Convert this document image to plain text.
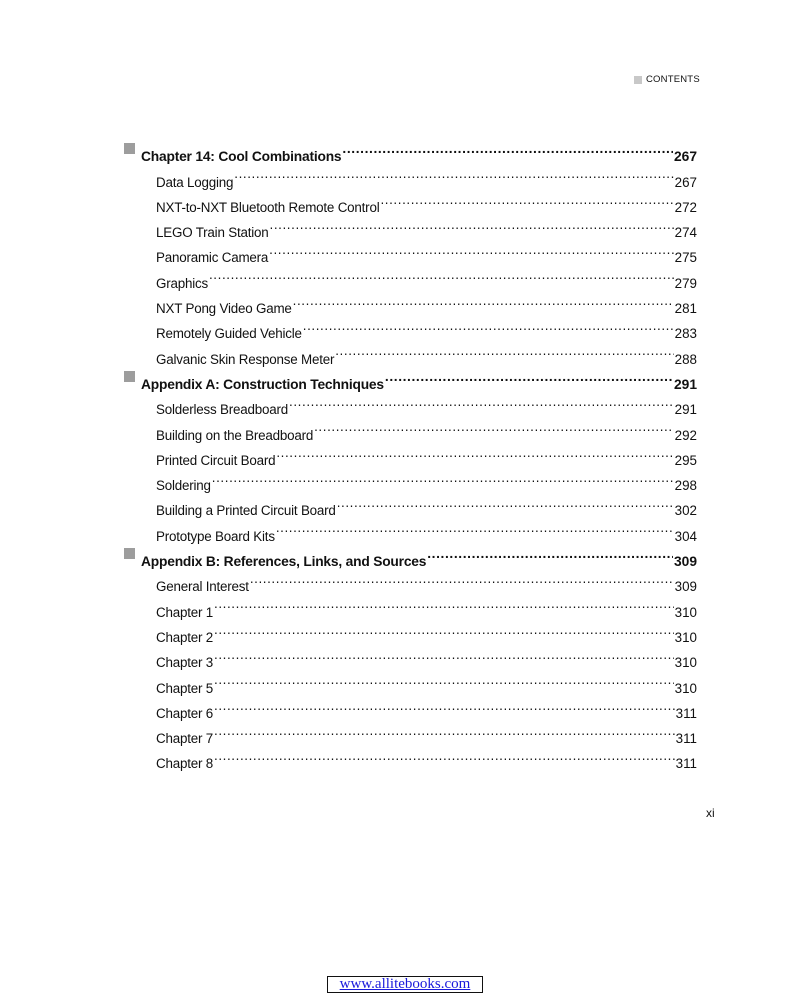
CONTENTS
Chapter 14: Cool Combinations .....	267
Data Logging .....	267
NXT-to-NXT Bluetooth Remote Control .....	272
LEGO Train Station .....	274
Panoramic Camera .....	275
Graphics .....	279
NXT Pong Video Game .....	281
Remotely Guided Vehicle .....	283
Galvanic Skin Response Meter .....	288
Appendix A: Construction Techniques .....	291
Solderless Breadboard .....	291
Building on the Breadboard .....	292
Printed Circuit Board .....	295
Soldering .....	298
Building a Printed Circuit Board .....	302
Prototype Board Kits .....	304
Appendix B: References, Links, and Sources .....	309
General Interest .....	309
Chapter 1 .....	310
Chapter 2 .....	310
Chapter 3 .....	310
Chapter 5 .....	310
Chapter 6 .....	311
Chapter 7 .....	311
Chapter 8 .....	311
xi
www.allitebooks.com
